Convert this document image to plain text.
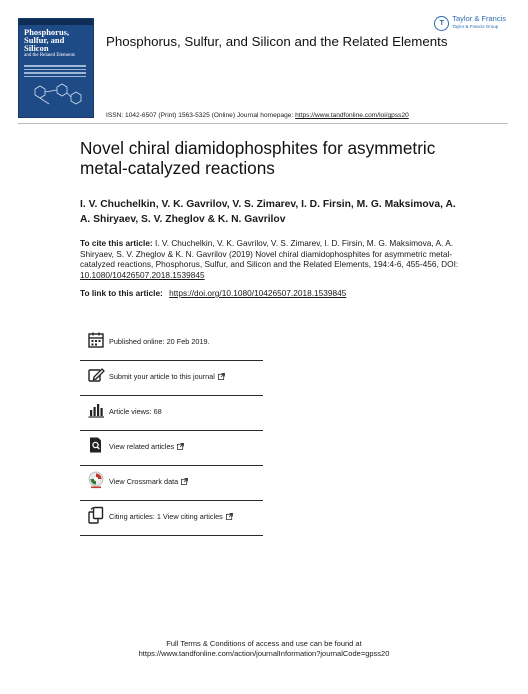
Phosphorus, Sulfur, and Silicon
and the Related Elements
Phosphorus, Sulfur, and Silicon and the Related Elements
T	Taylor & Francis
Taylor & Francis Group
ISSN: 1042-6507 (Print) 1563-5325 (Online) Journal homepage: https://www.tandfonline.com/loi/gpss20
Novel chiral diamidophosphites for asymmetric metal-catalyzed reactions
I. V. Chuchelkin, V. K. Gavrilov, V. S. Zimarev, I. D. Firsin, M. G. Maksimova, A. A. Shiryaev, S. V. Zheglov & K. N. Gavrilov
To cite this article: I. V. Chuchelkin, V. K. Gavrilov, V. S. Zimarev, I. D. Firsin, M. G. Maksimova, A. A. Shiryaev, S. V. Zheglov & K. N. Gavrilov (2019) Novel chiral diamidophosphites for asymmetric metal-catalyzed reactions, Phosphorus, Sulfur, and Silicon and the Related Elements, 194:4-6, 455-456, DOI: 10.1080/10426507.2018.1539845
To link to this article: https://doi.org/10.1080/10426507.2018.1539845
Published online: 20 Feb 2019.
Submit your article to this journal
Article views: 68
View related articles
View Crossmark data
Citing articles: 1 View citing articles
Full Terms & Conditions of access and use can be found at
https://www.tandfonline.com/action/journalInformation?journalCode=gpss20
